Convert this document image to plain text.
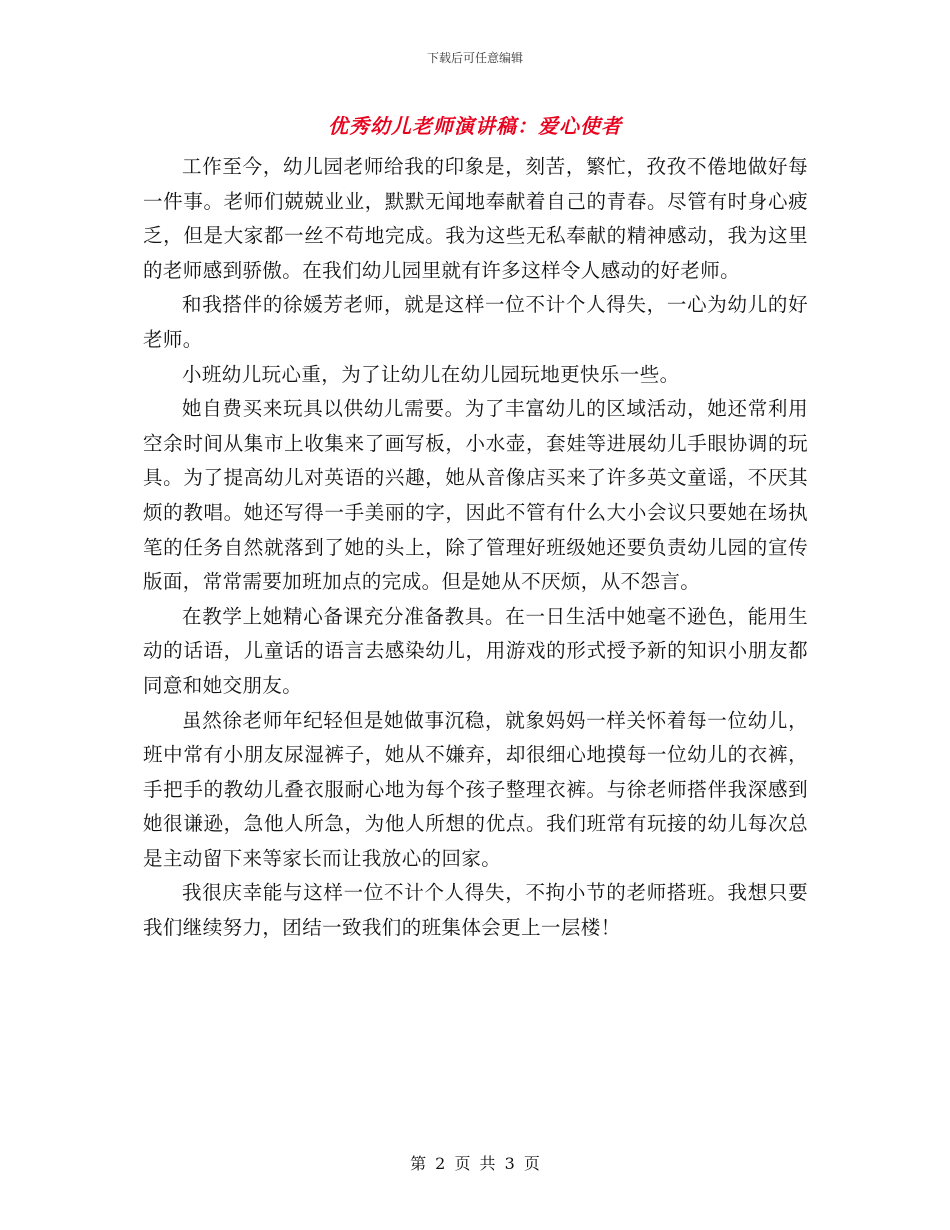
下载后可任意编辑
优秀幼儿老师演讲稿：爱心使者

工作至今，幼儿园老师给我的印象是，刻苦，繁忙，孜孜不倦地做好每一件事。老师们兢兢业业，默默无闻地奉献着自己的青春。尽管有时身心疲乏，但是大家都一丝不苟地完成。我为这些无私奉献的精神感动，我为这里的老师感到骄傲。在我们幼儿园里就有许多这样令人感动的好老师。

和我搭伴的徐媛芳老师，就是这样一位不计个人得失，一心为幼儿的好老师。

小班幼儿玩心重，为了让幼儿在幼儿园玩地更快乐一些。

她自费买来玩具以供幼儿需要。为了丰富幼儿的区域活动，她还常利用空余时间从集市上收集来了画写板，小水壶，套娃等进展幼儿手眼协调的玩具。为了提高幼儿对英语的兴趣，她从音像店买来了许多英文童谣，不厌其烦的教唱。她还写得一手美丽的字，因此不管有什么大小会议只要她在场执笔的任务自然就落到了她的头上，除了管理好班级她还要负责幼儿园的宣传版面，常常需要加班加点的完成。但是她从不厌烦，从不怨言。

在教学上她精心备课充分准备教具。在一日生活中她毫不逊色，能用生动的话语，儿童话的语言去感染幼儿，用游戏的形式授予新的知识小朋友都同意和她交朋友。

虽然徐老师年纪轻但是她做事沉稳，就象妈妈一样关怀着每一位幼儿，班中常有小朋友尿湿裤子，她从不嫌弃，却很细心地摸每一位幼儿的衣裤，手把手的教幼儿叠衣服耐心地为每个孩子整理衣裤。与徐老师搭伴我深感到她很谦逊，急他人所急，为他人所想的优点。我们班常有玩接的幼儿每次总是主动留下来等家长而让我放心的回家。

我很庆幸能与这样一位不计个人得失，不拘小节的老师搭班。我想只要我们继续努力，团结一致我们的班集体会更上一层楼！

第 2 页 共 3 页
